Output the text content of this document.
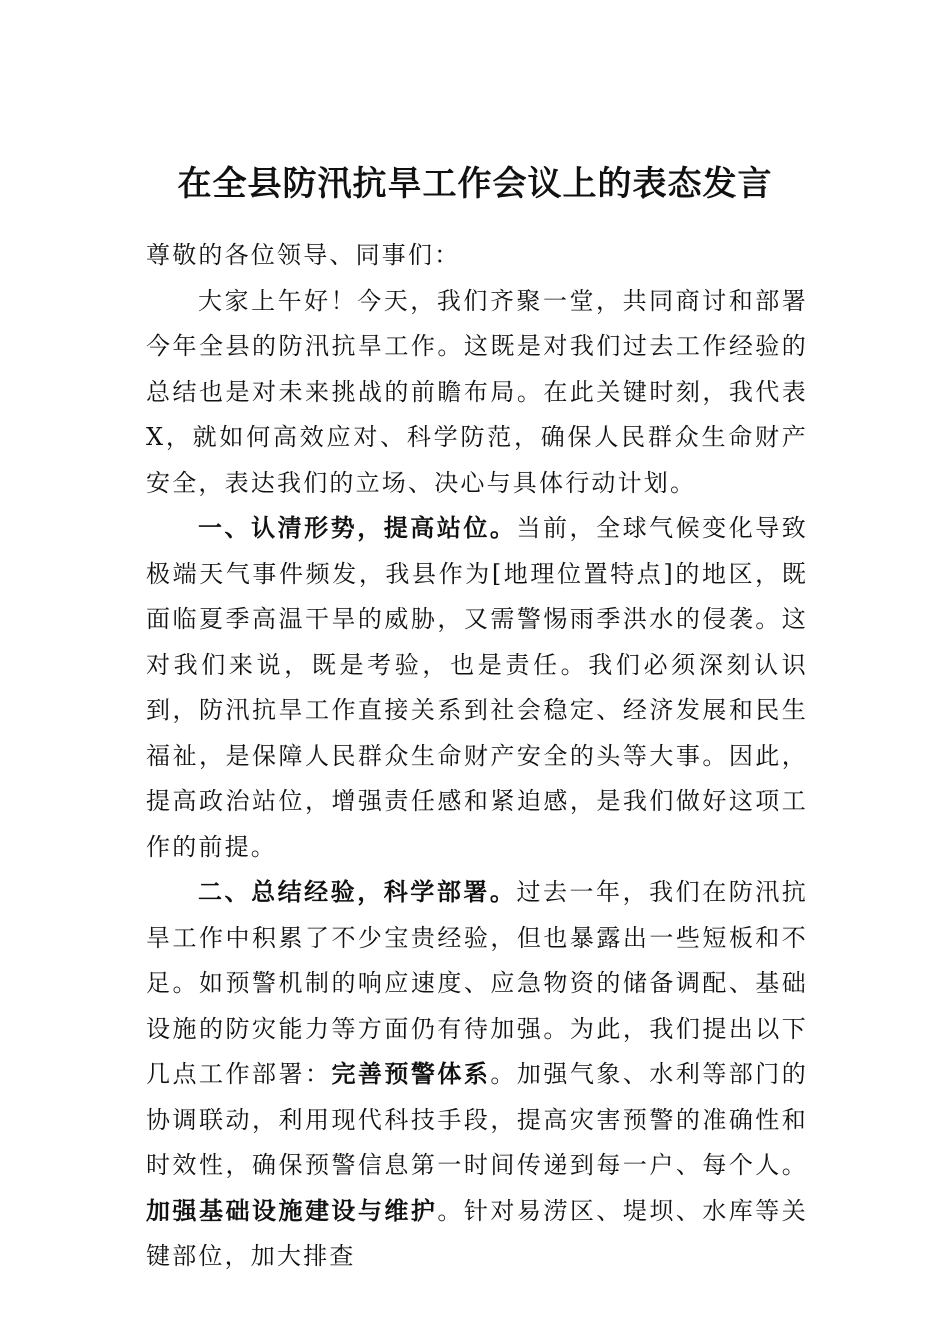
在全县防汛抗旱工作会议上的表态发言

尊敬的各位领导、同事们：

大家上午好！今天，我们齐聚一堂，共同商讨和部署今年全县的防汛抗旱工作。这既是对我们过去工作经验的总结也是对未来挑战的前瞻布局。在此关键时刻，我代表X，就如何高效应对、科学防范，确保人民群众生命财产安全，表达我们的立场、决心与具体行动计划。

一、认清形势，提高站位。当前，全球气候变化导致极端天气事件频发，我县作为[地理位置特点]的地区，既面临夏季高温干旱的威胁，又需警惕雨季洪水的侵袭。这对我们来说，既是考验，也是责任。我们必须深刻认识到，防汛抗旱工作直接关系到社会稳定、经济发展和民生福祉，是保障人民群众生命财产安全的头等大事。因此，提高政治站位，增强责任感和紧迫感，是我们做好这项工作的前提。

二、总结经验，科学部署。过去一年，我们在防汛抗旱工作中积累了不少宝贵经验，但也暴露出一些短板和不足。如预警机制的响应速度、应急物资的储备调配、基础设施的防灾能力等方面仍有待加强。为此，我们提出以下几点工作部署：完善预警体系。加强气象、水利等部门的协调联动，利用现代科技手段，提高灾害预警的准确性和时效性，确保预警信息第一时间传递到每一户、每个人。加强基础设施建设与维护。针对易涝区、堤坝、水库等关键部位，加大排查
